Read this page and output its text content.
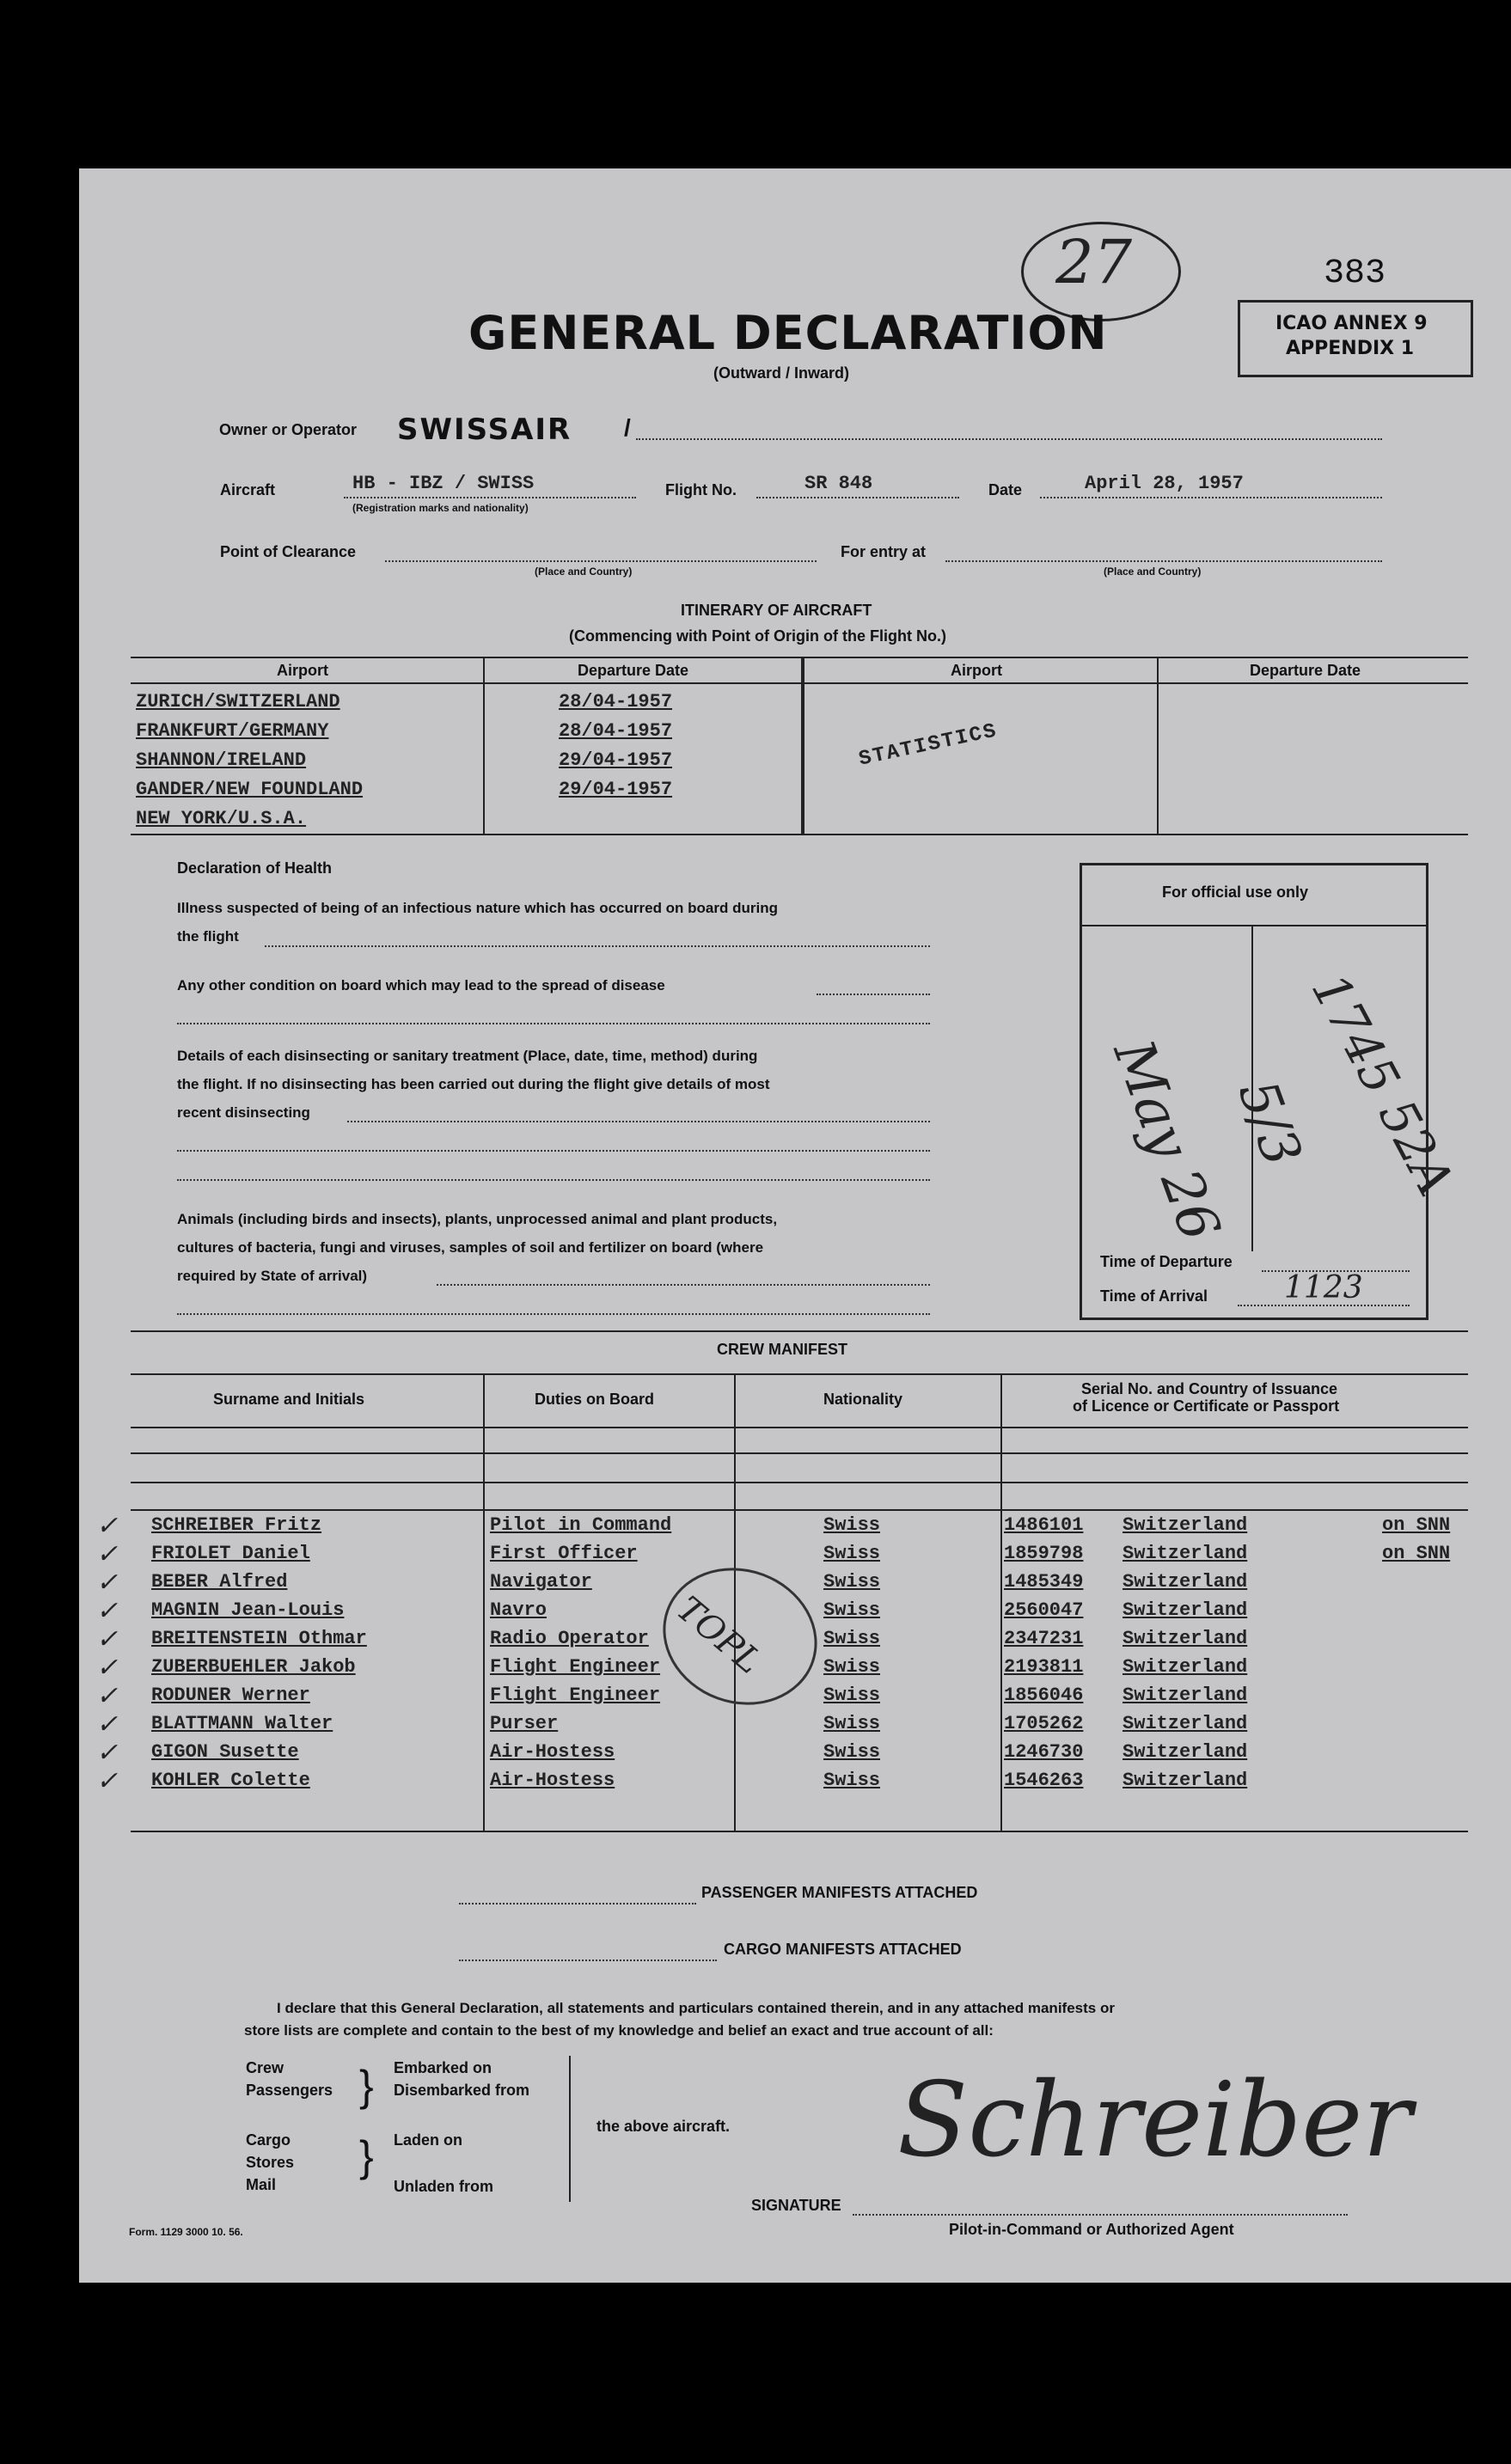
383
27
ICAO ANNEX 9
APPENDIX 1
GENERAL DECLARATION
(Outward / Inward)
Owner or Operator SWISSAIR /
Aircraft	HB - IBZ / SWISS
(Registration marks and nationality)
Flight No.	SR 848	Date	April 28, 1957
Point of Clearance
(Place and Country)
For entry at
(Place and Country)
ITINERARY OF AIRCRAFT
(Commencing with Point of Origin of the Flight No.)
Airport	Departure Date	Airport	Departure Date
ZURICH/SWITZERLAND	28/04-1957
FRANKFURT/GERMANY	28/04-1957
SHANNON/IRELAND	29/04-1957
GANDER/NEW FOUNDLAND	29/04-1957
NEW YORK/U.S.A.
STATISTICS
Declaration of Health
Illness suspected of being of an infectious nature which has occurred on board during
the flight
Any other condition on board which may lead to the spread of disease
Details of each disinsecting or sanitary treatment (Place, date, time, method) during
the flight. If no disinsecting has been carried out during the flight give details of most
recent disinsecting
Animals (including birds and insects), plants, unprocessed animal and plant products,
cultures of bacteria, fungi and viruses, samples of soil and fertilizer on board (where
required by State of arrival)
For official use only
Time of Departure
Time of Arrival 1123
May 26
5/3
1745 52A
CREW MANIFEST
Surname and Initials	Duties on Board	Nationality
Serial No. and Country of Issuance
of Licence or Certificate or Passport
✓ SCHREIBER Fritz	Pilot in Command	Swiss	1486101 Switzerland	on SNN
✓ FRIOLET Daniel	First Officer	Swiss	1859798 Switzerland	on SNN
✓ BEBER Alfred	Navigator	Swiss	1485349 Switzerland
✓ MAGNIN Jean-Louis	Navro	Swiss	2560047 Switzerland
✓ BREITENSTEIN Othmar	Radio Operator	Swiss	2347231 Switzerland
✓ ZUBERBUEHLER Jakob	Flight Engineer	Swiss	2193811 Switzerland
✓ RODUNER Werner	Flight Engineer	Swiss	1856046 Switzerland
✓ BLATTMANN Walter	Purser	Swiss	1705262 Switzerland
✓ GIGON Susette	Air-Hostess	Swiss	1246730 Switzerland
✓ KOHLER Colette	Air-Hostess	Swiss	1546263 Switzerland
TOPL
PASSENGER MANIFESTS ATTACHED
CARGO MANIFESTS ATTACHED
I declare that this General Declaration, all statements and particulars contained therein, and in any attached manifests or
store lists are complete and contain to the best of my knowledge and belief an exact and true account of all:
Crew
Passengers
Cargo
Stores
Mail
}
}
Embarked on
Disembarked from
Laden on
Unladen from
the above aircraft.
SIGNATURE
Schreiber
Pilot-in-Command or Authorized Agent
Form. 1129 3000 10. 56.
